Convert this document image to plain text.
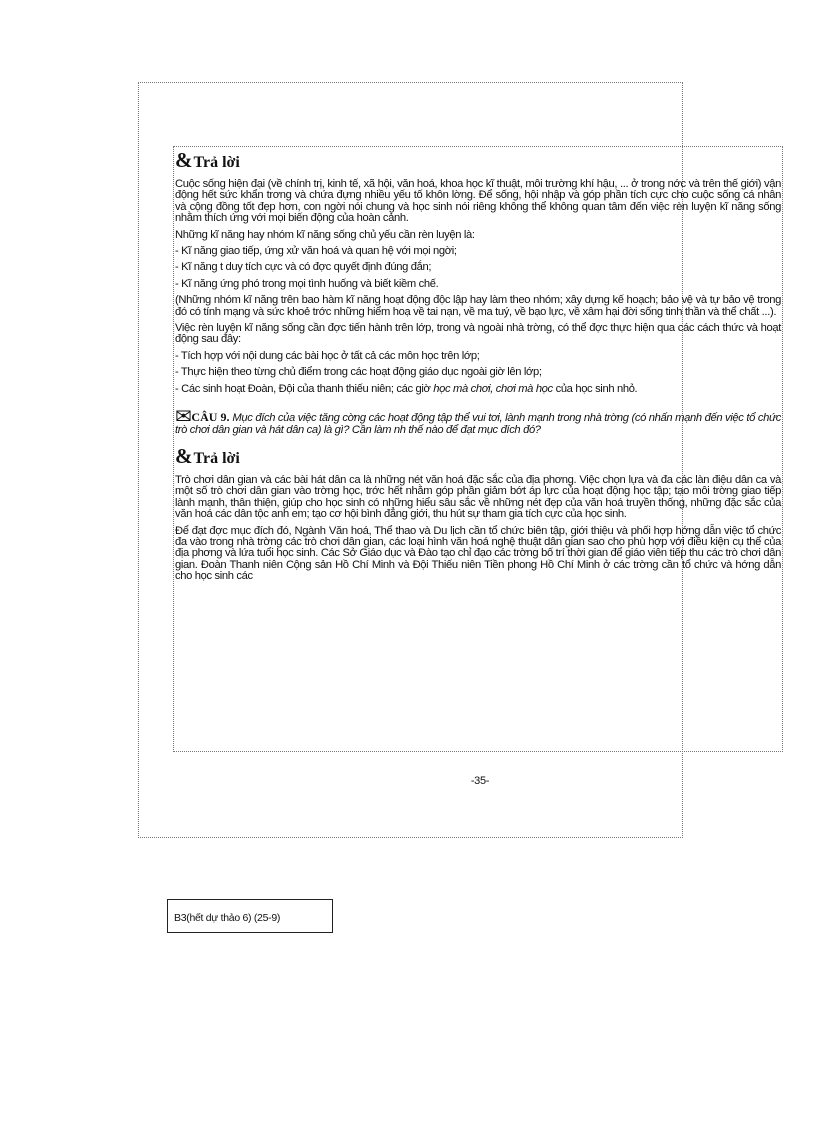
&Trả lời

Cuộc sống hiện đại (về chính trị, kinh tế, xã hội, văn hoá, khoa học kĩ thuật, môi trường khí hậu, ... ở trong nớc và trên thế giới) vận động hết sức khẩn trơng và chứa đựng nhiều yếu tố khôn lờng. Để sống, hội nhập và góp phần tích cực cho cuộc sống cá nhân và cộng đồng tốt đẹp hơn, con ngời nói chung và học sinh nói riêng không thể không quan tâm đến việc rèn luyện kĩ năng sống nhằm thích ứng với mọi biến động của hoàn cảnh.

Những kĩ năng hay nhóm kĩ năng sống chủ yếu cần rèn luyện là:

- Kĩ năng giao tiếp, ứng xử văn hoá và quan hệ với mọi ngời;

- Kĩ năng t duy tích cực và có đợc quyết định đúng đắn;

- Kĩ năng ứng phó trong mọi tình huống và biết kiềm chế.

(Những nhóm kĩ năng trên bao hàm kĩ năng hoạt động độc lập hay làm theo nhóm; xây dựng kế hoạch; bảo vệ và tự bảo vệ trong đó có tính mạng và sức khoẻ trớc những hiểm hoạ về tai nạn, về ma tuý, về bạo lực, về xâm hại đời sống tinh thần và thể chất ...).

Việc rèn luyện kĩ năng sống cần đợc tiến hành trên lớp, trong và ngoài nhà trờng, có thể đợc thực hiện qua các cách thức và hoạt động sau đây:

- Tích hợp với nội dung các bài học ở tất cả các môn học trên lớp;

- Thực hiện theo từng chủ điểm trong các hoạt động giáo dục ngoài giờ lên lớp;

- Các sinh hoạt Đoàn, Đội của thanh thiếu niên; các giờ học mà chơi, chơi mà học của học sinh nhỏ.

✉CÂU 9. Mục đích của việc tăng cờng các hoạt động tập thể vui tơi, lành mạnh trong nhà trờng (có nhấn mạnh đến việc tổ chức trò chơi dân gian và hát dân ca) là gì? Cần làm nh thế nào để đạt mục đích đó?
&Trả lời

Trò chơi dân gian và các bài hát dân ca là những nét văn hoá đặc sắc của địa phơng. Việc chọn lựa và đa các làn điệu dân ca và một số trò chơi dân gian vào trờng học, trớc hết nhằm góp phần giảm bớt áp lực của hoạt động học tập; tạo môi trờng giao tiếp lành mạnh, thân thiện, giúp cho học sinh có những hiểu sâu sắc về những nét đẹp của văn hoá truyền thống, những đặc sắc của văn hoá các dân tộc anh em; tạo cơ hội bình đẳng giới, thu hút sự tham gia tích cực của học sinh.

Để đạt đợc mục đích đó, Ngành Văn hoá, Thể thao và Du lịch cần tổ chức biên tập, giới thiệu và phối hợp hớng dẫn việc tổ chức đa vào trong nhà trờng các trò chơi dân gian, các loại hình văn hoá nghệ thuật dân gian sao cho phù hợp với điều kiện cụ thể của địa phơng và lứa tuổi học sinh. Các Sở Giáo dục và Đào tạo chỉ đạo các trờng bố trí thời gian để giáo viên tiếp thu các trò chơi dân gian. Đoàn Thanh niên Cộng sản Hồ Chí Minh và Đội Thiếu niên Tiền phong Hồ Chí Minh ở các trờng cần tổ chức và hớng dẫn cho học sinh các

-35-
B3(hết dự thảo 6) (25-9)
